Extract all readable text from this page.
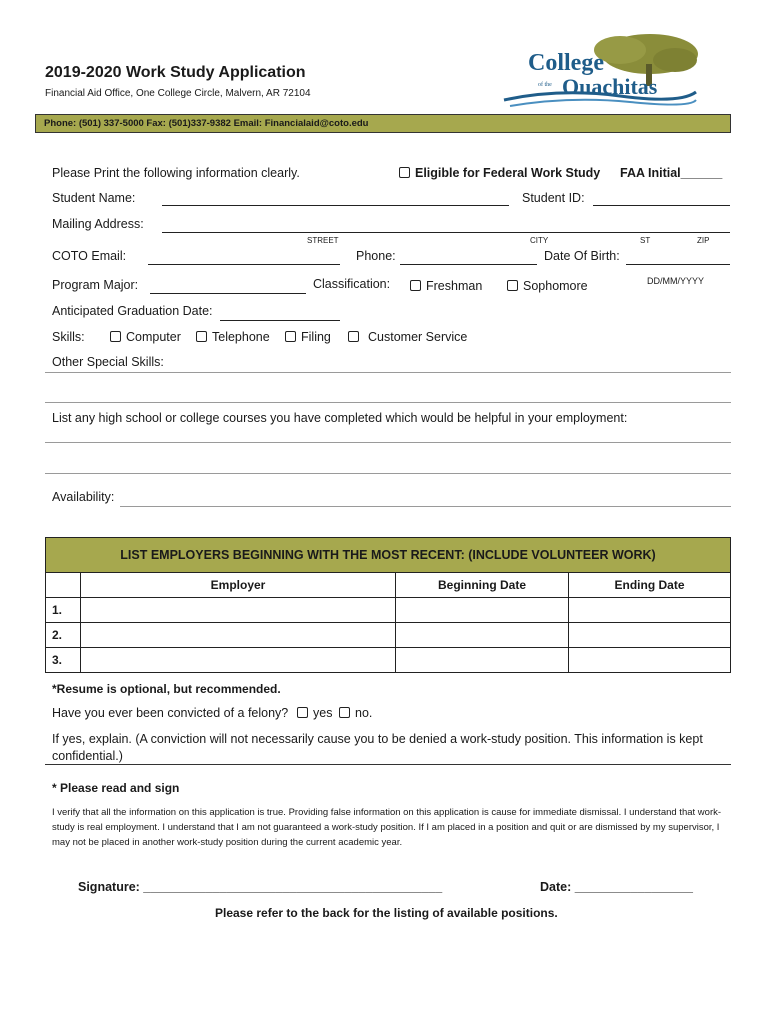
2019-2020 Work Study Application
Financial Aid Office, One College Circle, Malvern, AR 72104
College
of the Ouachitas
Phone: (501) 337-5000 Fax: (501)337-9382 Email: Financialaid@coto.edu
Please Print the following information clearly.	Eligible for Federal Work Study FAA Initial______
Student Name:	Student ID:
Mailing Address:
STREET	CITY	ST	ZIP
COTO Email:	Phone:	Date Of Birth:
Program Major:	Classification:	Freshman	Sophomore	DD/MM/YYYY
Anticipated Graduation Date:
Skills:	Computer	Telephone	Filing	Customer Service
Other Special Skills:
List any high school or college courses you have completed which would be helpful in your employment:
Availability:
LIST EMPLOYERS BEGINNING WITH THE MOST RECENT: (INCLUDE VOLUNTEER WORK)			
	Employer	Beginning Date	Ending Date
1.			
2.			
3.			
*Resume is optional, but recommended.
Have you ever been convicted of a felony?	yes	no.
If yes, explain. (A conviction will not necessarily cause you to be denied a work-study position. This information is kept confidential.)
* Please read and sign
I verify that all the information on this application is true. Providing false information on this application is cause for immediate dismissal. I understand that work-study is real employment. I understand that I am not guaranteed a work-study position. If I am placed in a position and quit or are dismissed by my supervisor, I may not be placed in another work-study position during the current academic year.
Signature: ___________________________________________	Date: _________________
Please refer to the back for the listing of available positions.
